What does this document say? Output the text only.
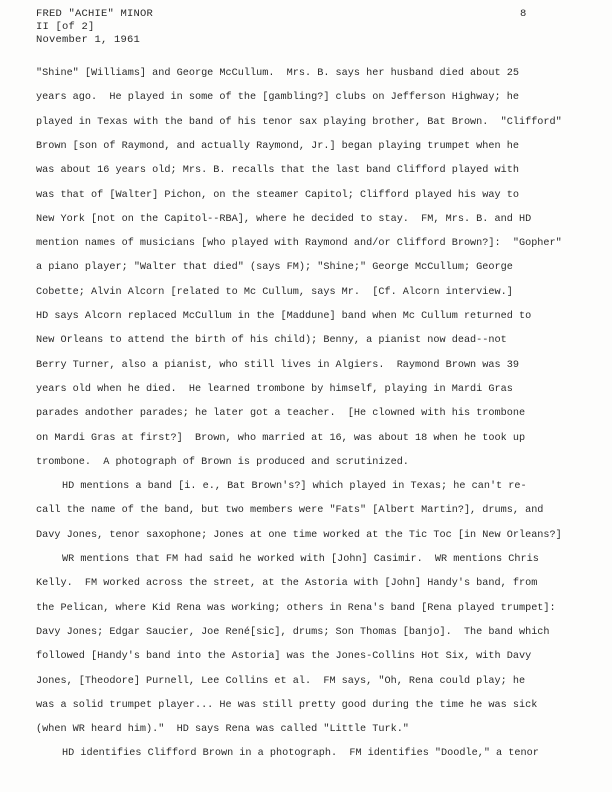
FRED "ACHIE" MINOR
II [of 2]
November 1, 1961
8
"Shine" [Williams] and George McCullum.  Mrs. B. says her husband died about 25
years ago.  He played in some of the [gambling?] clubs on Jefferson Highway; he
played in Texas with the band of his tenor sax playing brother, Bat Brown.  "Clifford"
Brown [son of Raymond, and actually Raymond, Jr.] began playing trumpet when he
was about 16 years old; Mrs. B. recalls that the last band Clifford played with
was that of [Walter] Pichon, on the steamer Capitol; Clifford played his way to
New York [not on the Capitol--RBA], where he decided to stay.  FM, Mrs. B. and HD
mention names of musicians [who played with Raymond and/or Clifford Brown?]:  "Gopher"
a piano player; "Walter that died" (says FM); "Shine;" George McCullum; George
Cobette; Alvin Alcorn [related to Mc Cullum, says Mr.  [Cf. Alcorn interview.]
HD says Alcorn replaced McCullum in the [Maddune] band when Mc Cullum returned to
New Orleans to attend the birth of his child); Benny, a pianist now dead--not
Berry Turner, also a pianist, who still lives in Algiers.  Raymond Brown was 39
years old when he died.  He learned trombone by himself, playing in Mardi Gras
parades andother parades; he later got a teacher.  [He clowned with his trombone
on Mardi Gras at first?]  Brown, who married at 16, was about 18 when he took up
trombone.  A photograph of Brown is produced and scrutinized.
HD mentions a band [i. e., Bat Brown's?] which played in Texas; he can't re-
call the name of the band, but two members were "Fats" [Albert Martin?], drums, and
Davy Jones, tenor saxophone; Jones at one time worked at the Tic Toc [in New Orleans?]
WR mentions that FM had said he worked with [John] Casimir.  WR mentions Chris
Kelly.  FM worked across the street, at the Astoria with [John] Handy's band, from
the Pelican, where Kid Rena was working; others in Rena's band [Rena played trumpet]:
Davy Jones; Edgar Saucier, Joe René[sic], drums; Son Thomas [banjo].  The band which
followed [Handy's band into the Astoria] was the Jones-Collins Hot Six, with Davy
Jones, [Theodore] Purnell, Lee Collins et al.  FM says, "Oh, Rena could play; he
was a solid trumpet player... He was still pretty good during the time he was sick
(when WR heard him)."  HD says Rena was called "Little Turk."
HD identifies Clifford Brown in a photograph.  FM identifies "Doodle," a tenor
